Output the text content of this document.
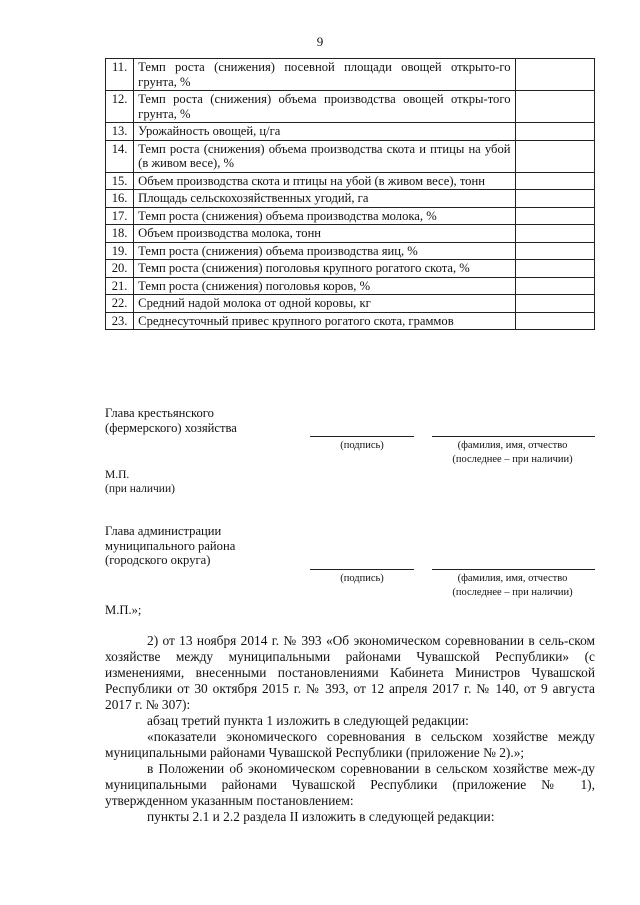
9
11.	Темп роста (снижения) посевной площади овощей открыто-го грунта, %	
12.	Темп роста (снижения) объема производства овощей откры-того грунта, %	
13.	Урожайность овощей, ц/га	
14.	Темп роста (снижения) объема производства скота и птицы на убой (в живом весе), %	
15.	Объем производства скота и птицы на убой (в живом весе), тонн	
16.	Площадь сельскохозяйственных угодий, га	
17.	Темп роста (снижения) объема производства молока, %	
18.	Объем производства молока, тонн	
19.	Темп роста (снижения) объема производства яиц, %	
20.	Темп роста (снижения) поголовья крупного рогатого скота, %	
21.	Темп роста (снижения) поголовья коров, %	
22.	Средний надой молока от одной коровы, кг	
23.	Среднесуточный привес крупного рогатого скота, граммов	
Глава крестьянского
(фермерского) хозяйства
(подпись)	(фамилия, имя, отчество
(последнее – при наличии)
М.П.
(при наличии)
Глава администрации
муниципального района
(городского округа)
(подпись)	(фамилия, имя, отчество
(последнее – при наличии)
М.П.»;

2) от 13 ноября 2014 г. № 393 «Об экономическом соревновании в сель-ском хозяйстве между муниципальными районами Чувашской Республики» (с изменениями, внесенными постановлениями Кабинета Министров Чувашской Республики от 30 октября 2015 г. № 393, от 12 апреля 2017 г. № 140, от 9 августа 2017 г. № 307):

абзац третий пункта 1 изложить в следующей редакции:

«показатели экономического соревнования в сельском хозяйстве между муниципальными районами Чувашской Республики (приложение № 2).»;

в Положении об экономическом соревновании в сельском хозяйстве меж-ду муниципальными районами Чувашской Республики (приложение № 1), утвержденном указанным постановлением:

пункты 2.1 и 2.2 раздела II изложить в следующей редакции:
